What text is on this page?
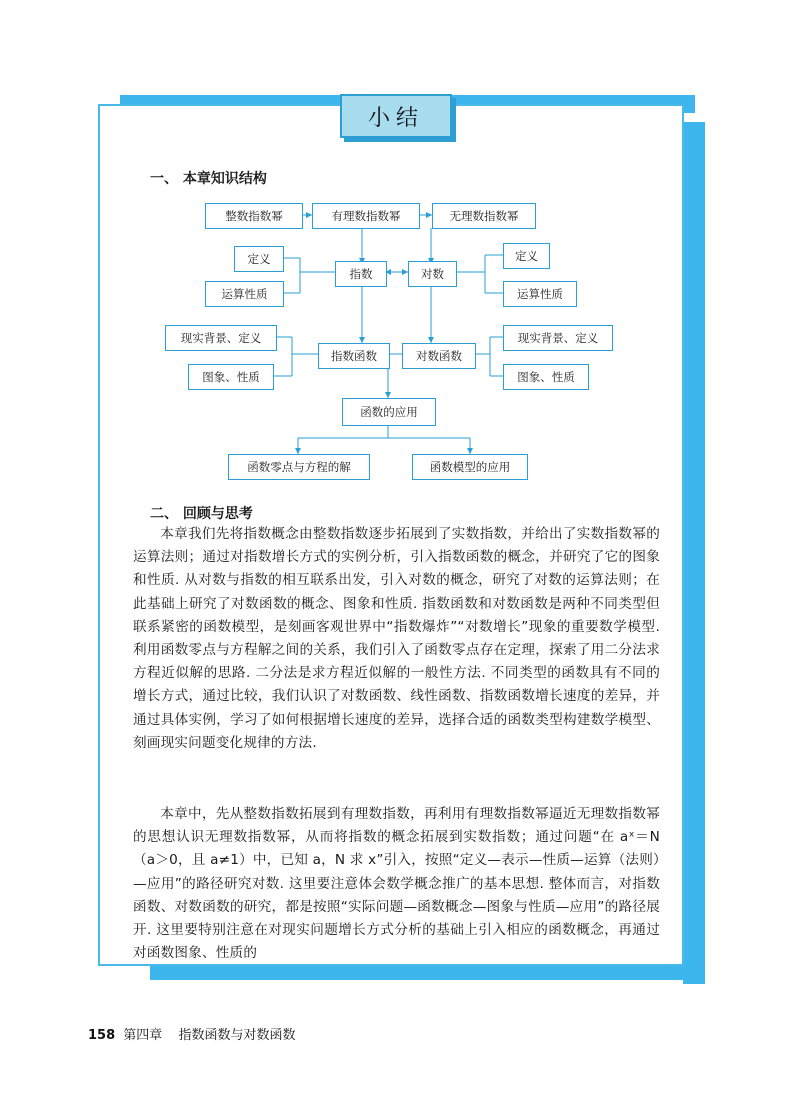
小结
一、 本章知识结构
整数指数幂	有理数指数幂	无理数指数幂
指数	对数
定义
运算性质
定义
运算性质
指数函数	对数函数
现实背景、定义
图象、性质
现实背景、定义
图象、性质
函数的应用
函数零点与方程的解	函数模型的应用
二、 回顾与思考
本章我们先将指数概念由整数指数逐步拓展到了实数指数，并给出了实数指数幂的运算法则；通过对指数增长方式的实例分析，引入指数函数的概念，并研究了它的图象和性质. 从对数与指数的相互联系出发，引入对数的概念，研究了对数的运算法则；在此基础上研究了对数函数的概念、图象和性质. 指数函数和对数函数是两种不同类型但联系紧密的函数模型，是刻画客观世界中“指数爆炸”“对数增长”现象的重要数学模型. 利用函数零点与方程解之间的关系，我们引入了函数零点存在定理，探索了用二分法求方程近似解的思路. 二分法是求方程近似解的一般性方法. 不同类型的函数具有不同的增长方式，通过比较，我们认识了对数函数、线性函数、指数函数增长速度的差异，并通过具体实例，学习了如何根据增长速度的差异，选择合适的函数类型构建数学模型、刻画现实问题变化规律的方法.
本章中，先从整数指数拓展到有理数指数，再利用有理数指数幂逼近无理数指数幂的思想认识无理数指数幂，从而将指数的概念拓展到实数指数；通过问题“在 aˣ＝N（a＞0，且 a≠1）中，已知 a，N 求 x”引入，按照“定义—表示—性质—运算（法则）—应用”的路径研究对数. 这里要注意体会数学概念推广的基本思想. 整体而言，对指数函数、对数函数的研究，都是按照“实际问题—函数概念—图象与性质—应用”的路径展开. 这里要特别注意在对现实问题增长方式分析的基础上引入相应的函数概念，再通过对函数图象、性质的
158 第四章 指数函数与对数函数
